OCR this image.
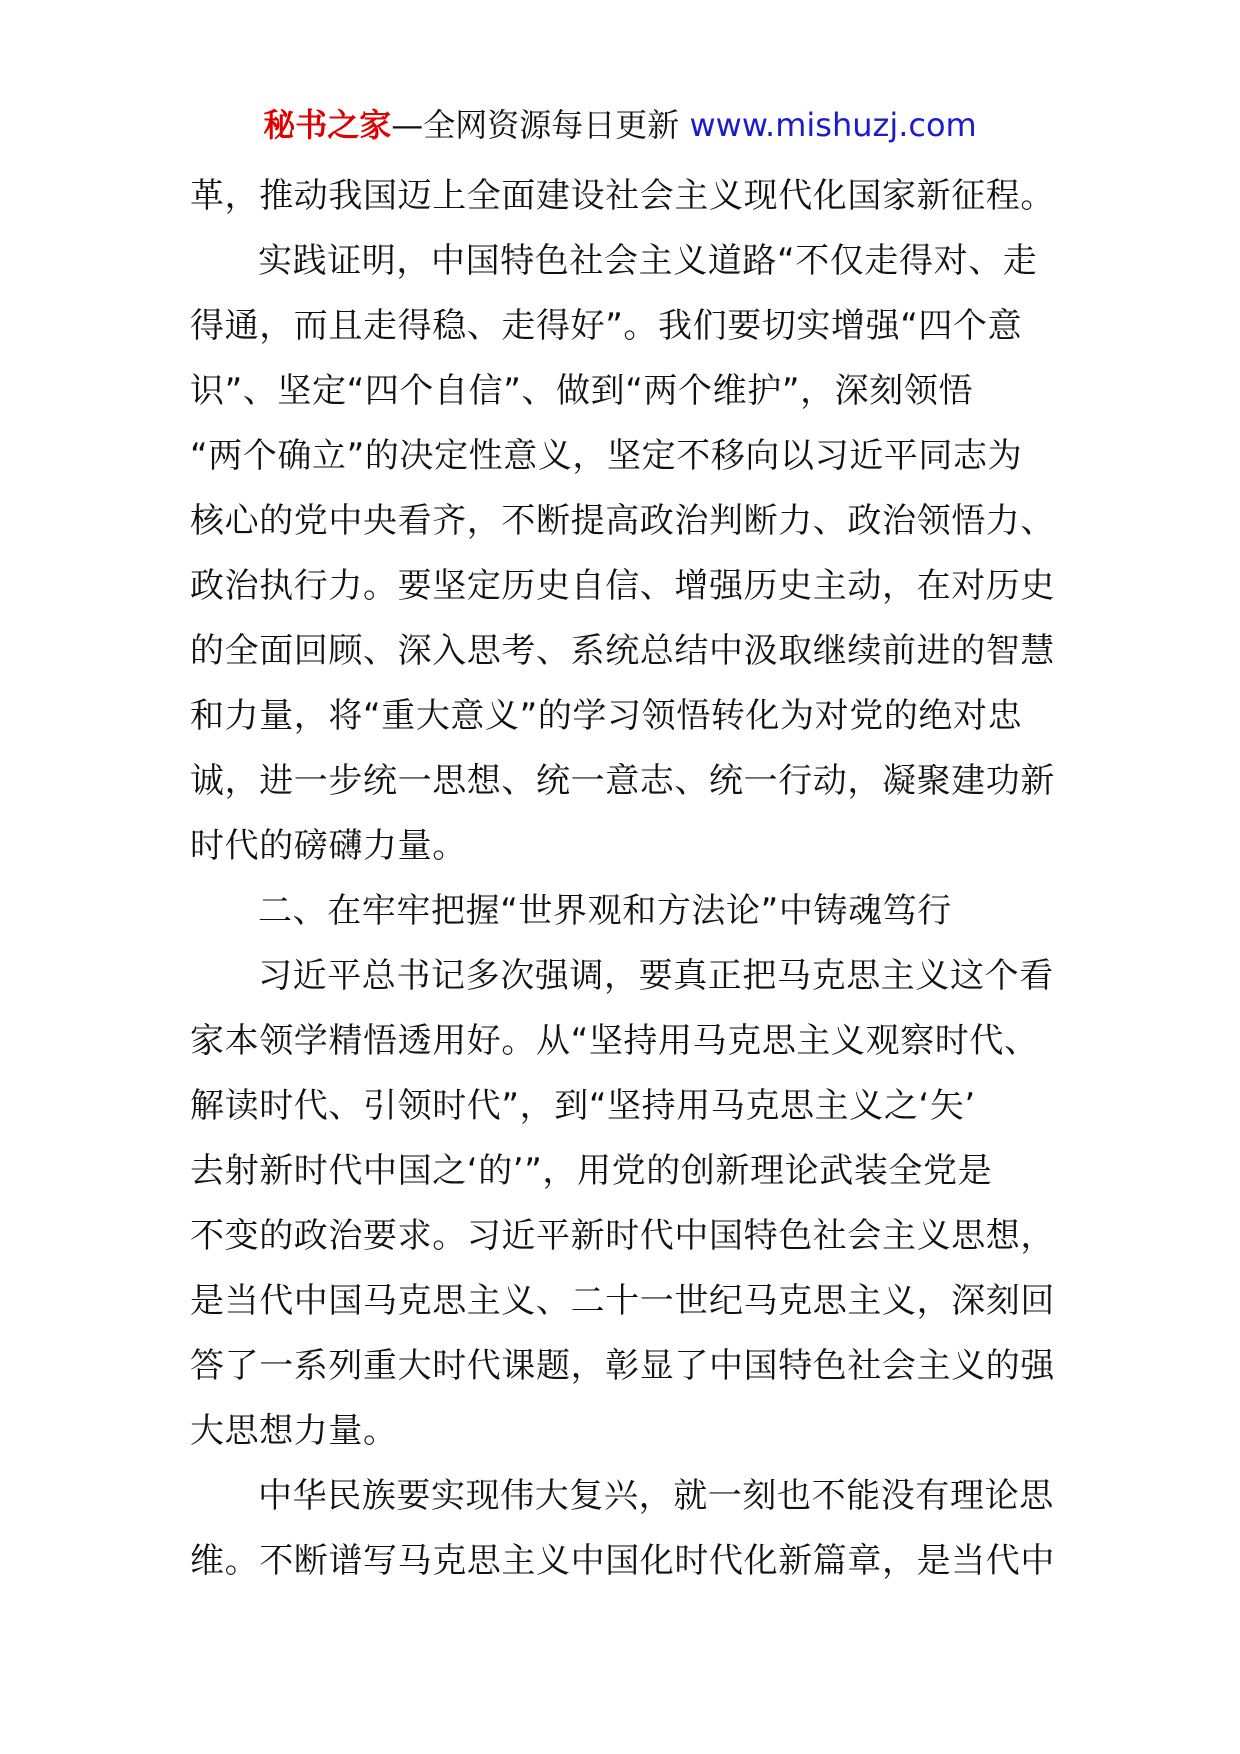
秘书之家—全网资源每日更新 www.mishuzj.com
革，推动我国迈上全面建设社会主义现代化国家新征程。
实践证明，中国特色社会主义道路“不仅走得对、走
得通，而且走得稳、走得好”。我们要切实增强“四个意
识”、坚定“四个自信”、做到“两个维护”，深刻领悟
“两个确立”的决定性意义，坚定不移向以习近平同志为
核心的党中央看齐，不断提高政治判断力、政治领悟力、
政治执行力。要坚定历史自信、增强历史主动，在对历史
的全面回顾、深入思考、系统总结中汲取继续前进的智慧
和力量，将“重大意义”的学习领悟转化为对党的绝对忠
诚，进一步统一思想、统一意志、统一行动，凝聚建功新
时代的磅礴力量。
二、在牢牢把握“世界观和方法论”中铸魂笃行
习近平总书记多次强调，要真正把马克思主义这个看
家本领学精悟透用好。从“坚持用马克思主义观察时代、
解读时代、引领时代”，到“坚持用马克思主义之‘矢’
去射新时代中国之‘的’”，用党的创新理论武装全党是
不变的政治要求。习近平新时代中国特色社会主义思想，
是当代中国马克思主义、二十一世纪马克思主义，深刻回
答了一系列重大时代课题，彰显了中国特色社会主义的强
大思想力量。
中华民族要实现伟大复兴，就一刻也不能没有理论思
维。不断谱写马克思主义中国化时代化新篇章，是当代中
